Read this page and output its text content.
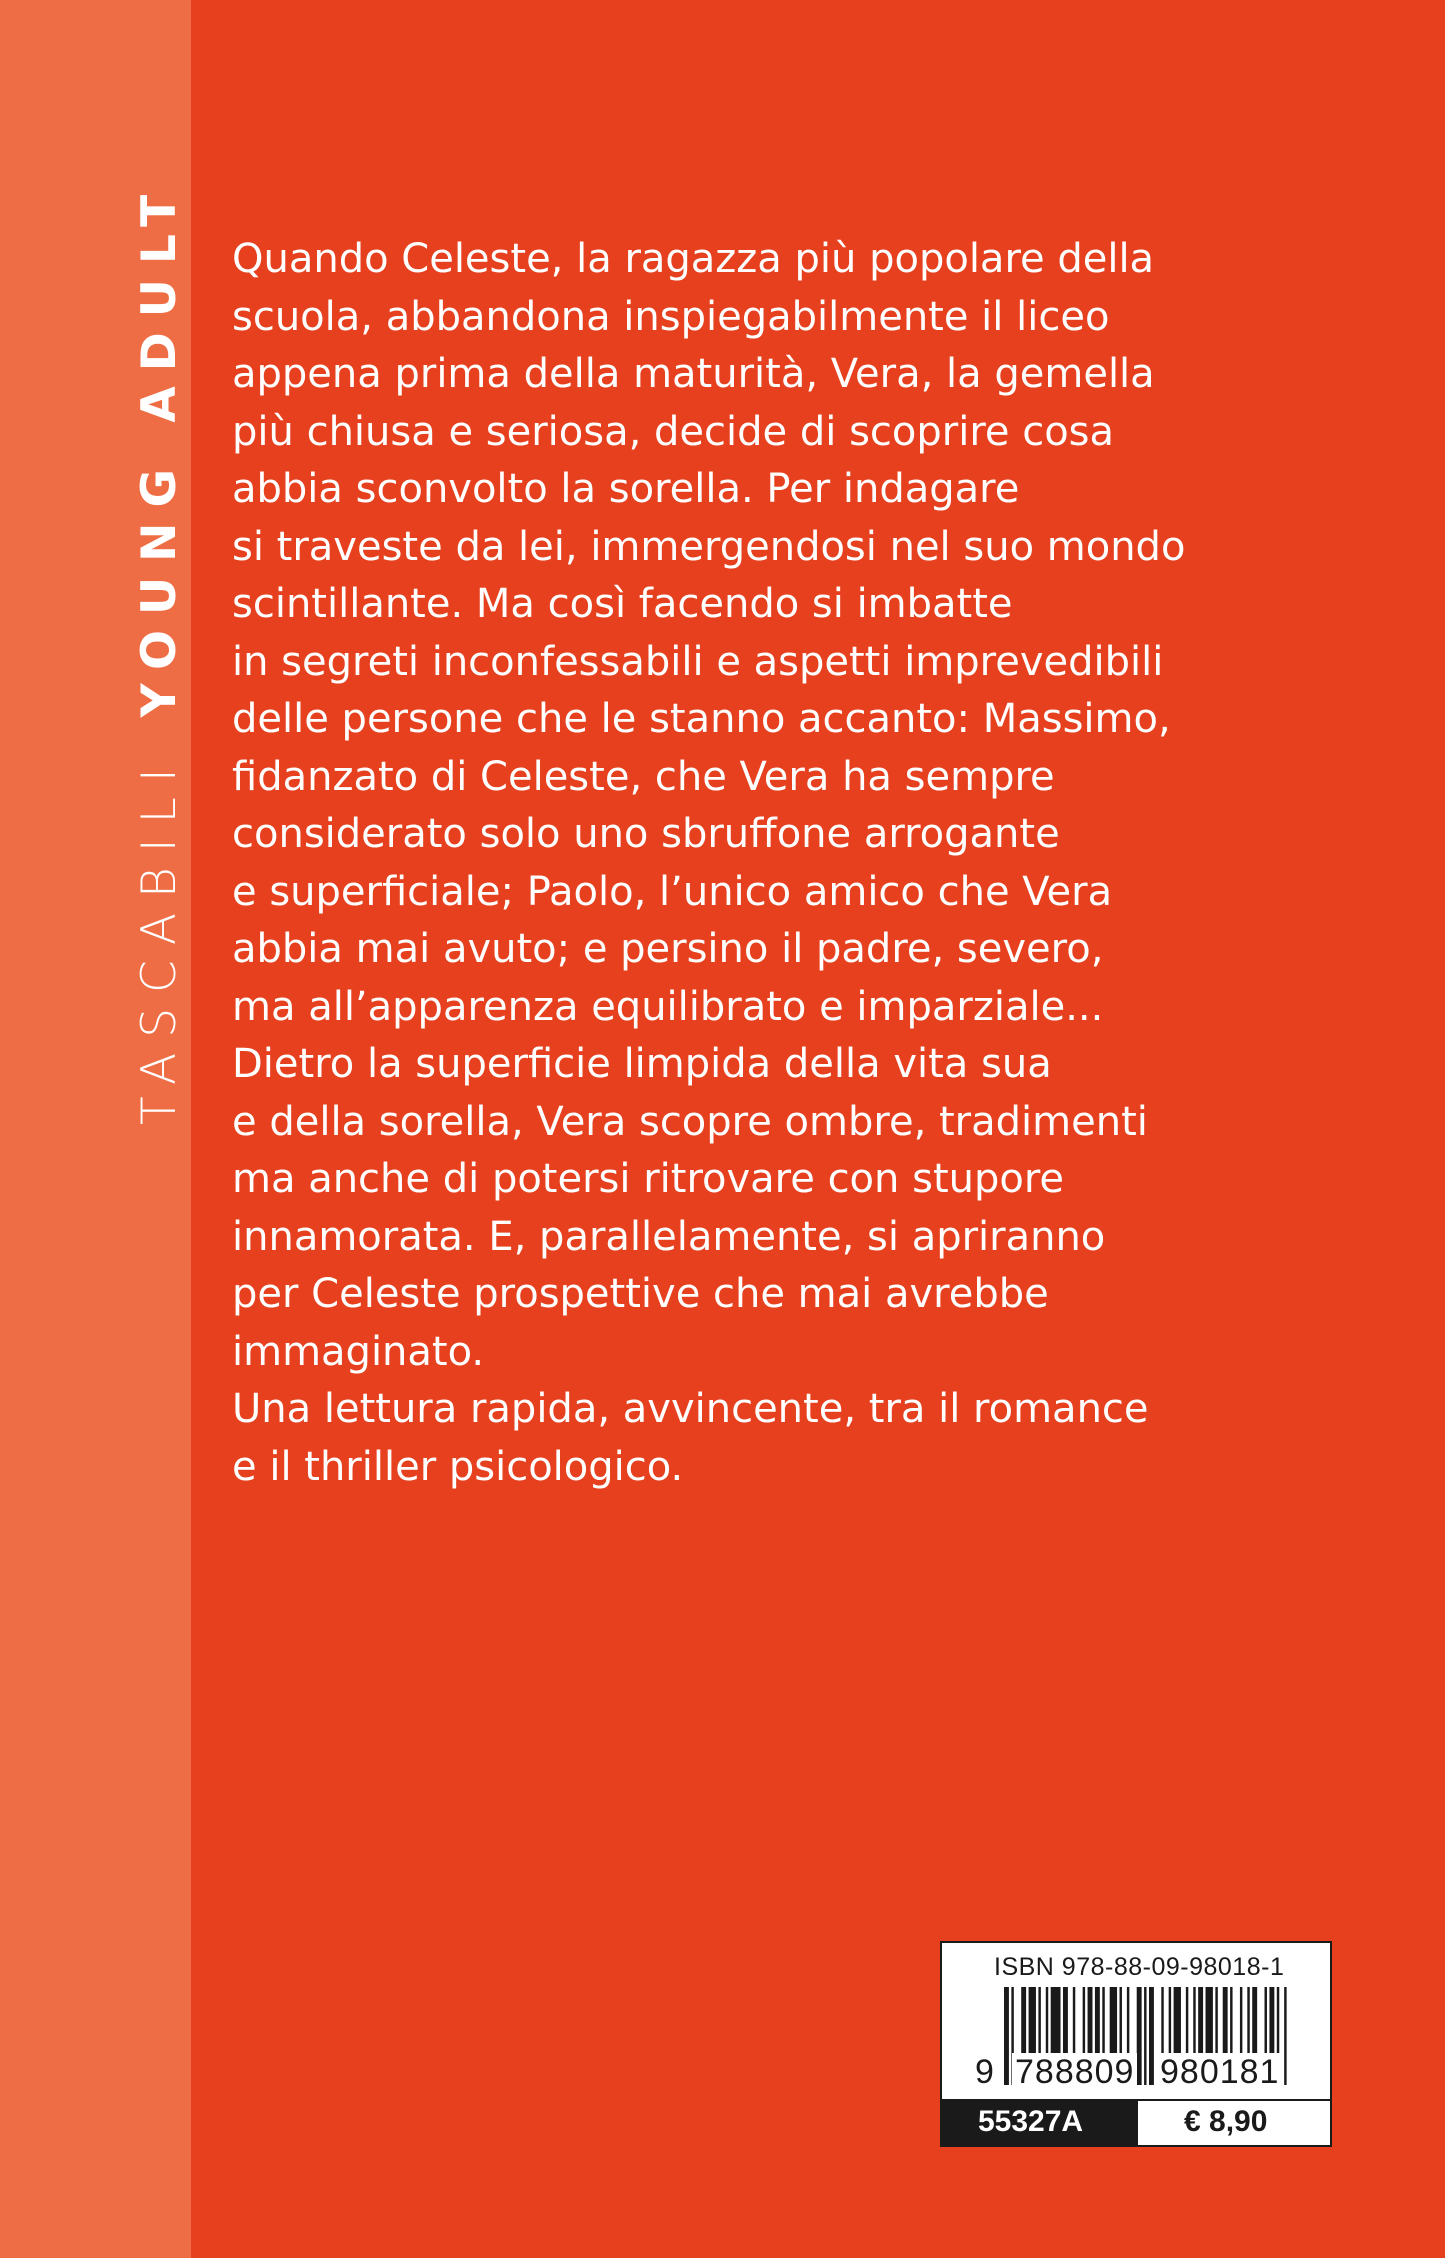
TASCABILI YOUNG ADULT Quando Celeste, la ragazza più popolare della
scuola, abbandona inspiegabilmente il liceo
appena prima della maturità, Vera, la gemella
più chiusa e seriosa, decide di scoprire cosa
abbia sconvolto la sorella. Per indagare
si traveste da lei, immergendosi nel suo mondo
scintillante. Ma così facendo si imbatte
in segreti inconfessabili e aspetti imprevedibili
delle persone che le stanno accanto: Massimo,
fidanzato di Celeste, che Vera ha sempre
considerato solo uno sbruffone arrogante
e superficiale; Paolo, l’unico amico che Vera
abbia mai avuto; e persino il padre, severo,
ma all’apparenza equilibrato e imparziale...
Dietro la superficie limpida della vita sua
e della sorella, Vera scopre ombre, tradimenti
ma anche di potersi ritrovare con stupore
innamorata. E, parallelamente, si apriranno
per Celeste prospettive che mai avrebbe
immaginato.
Una lettura rapida, avvincente, tra il romance
e il thriller psicologico.
ISBN 978-88-09-98018-1
9 788809 980181
55327A	€ 8,90
